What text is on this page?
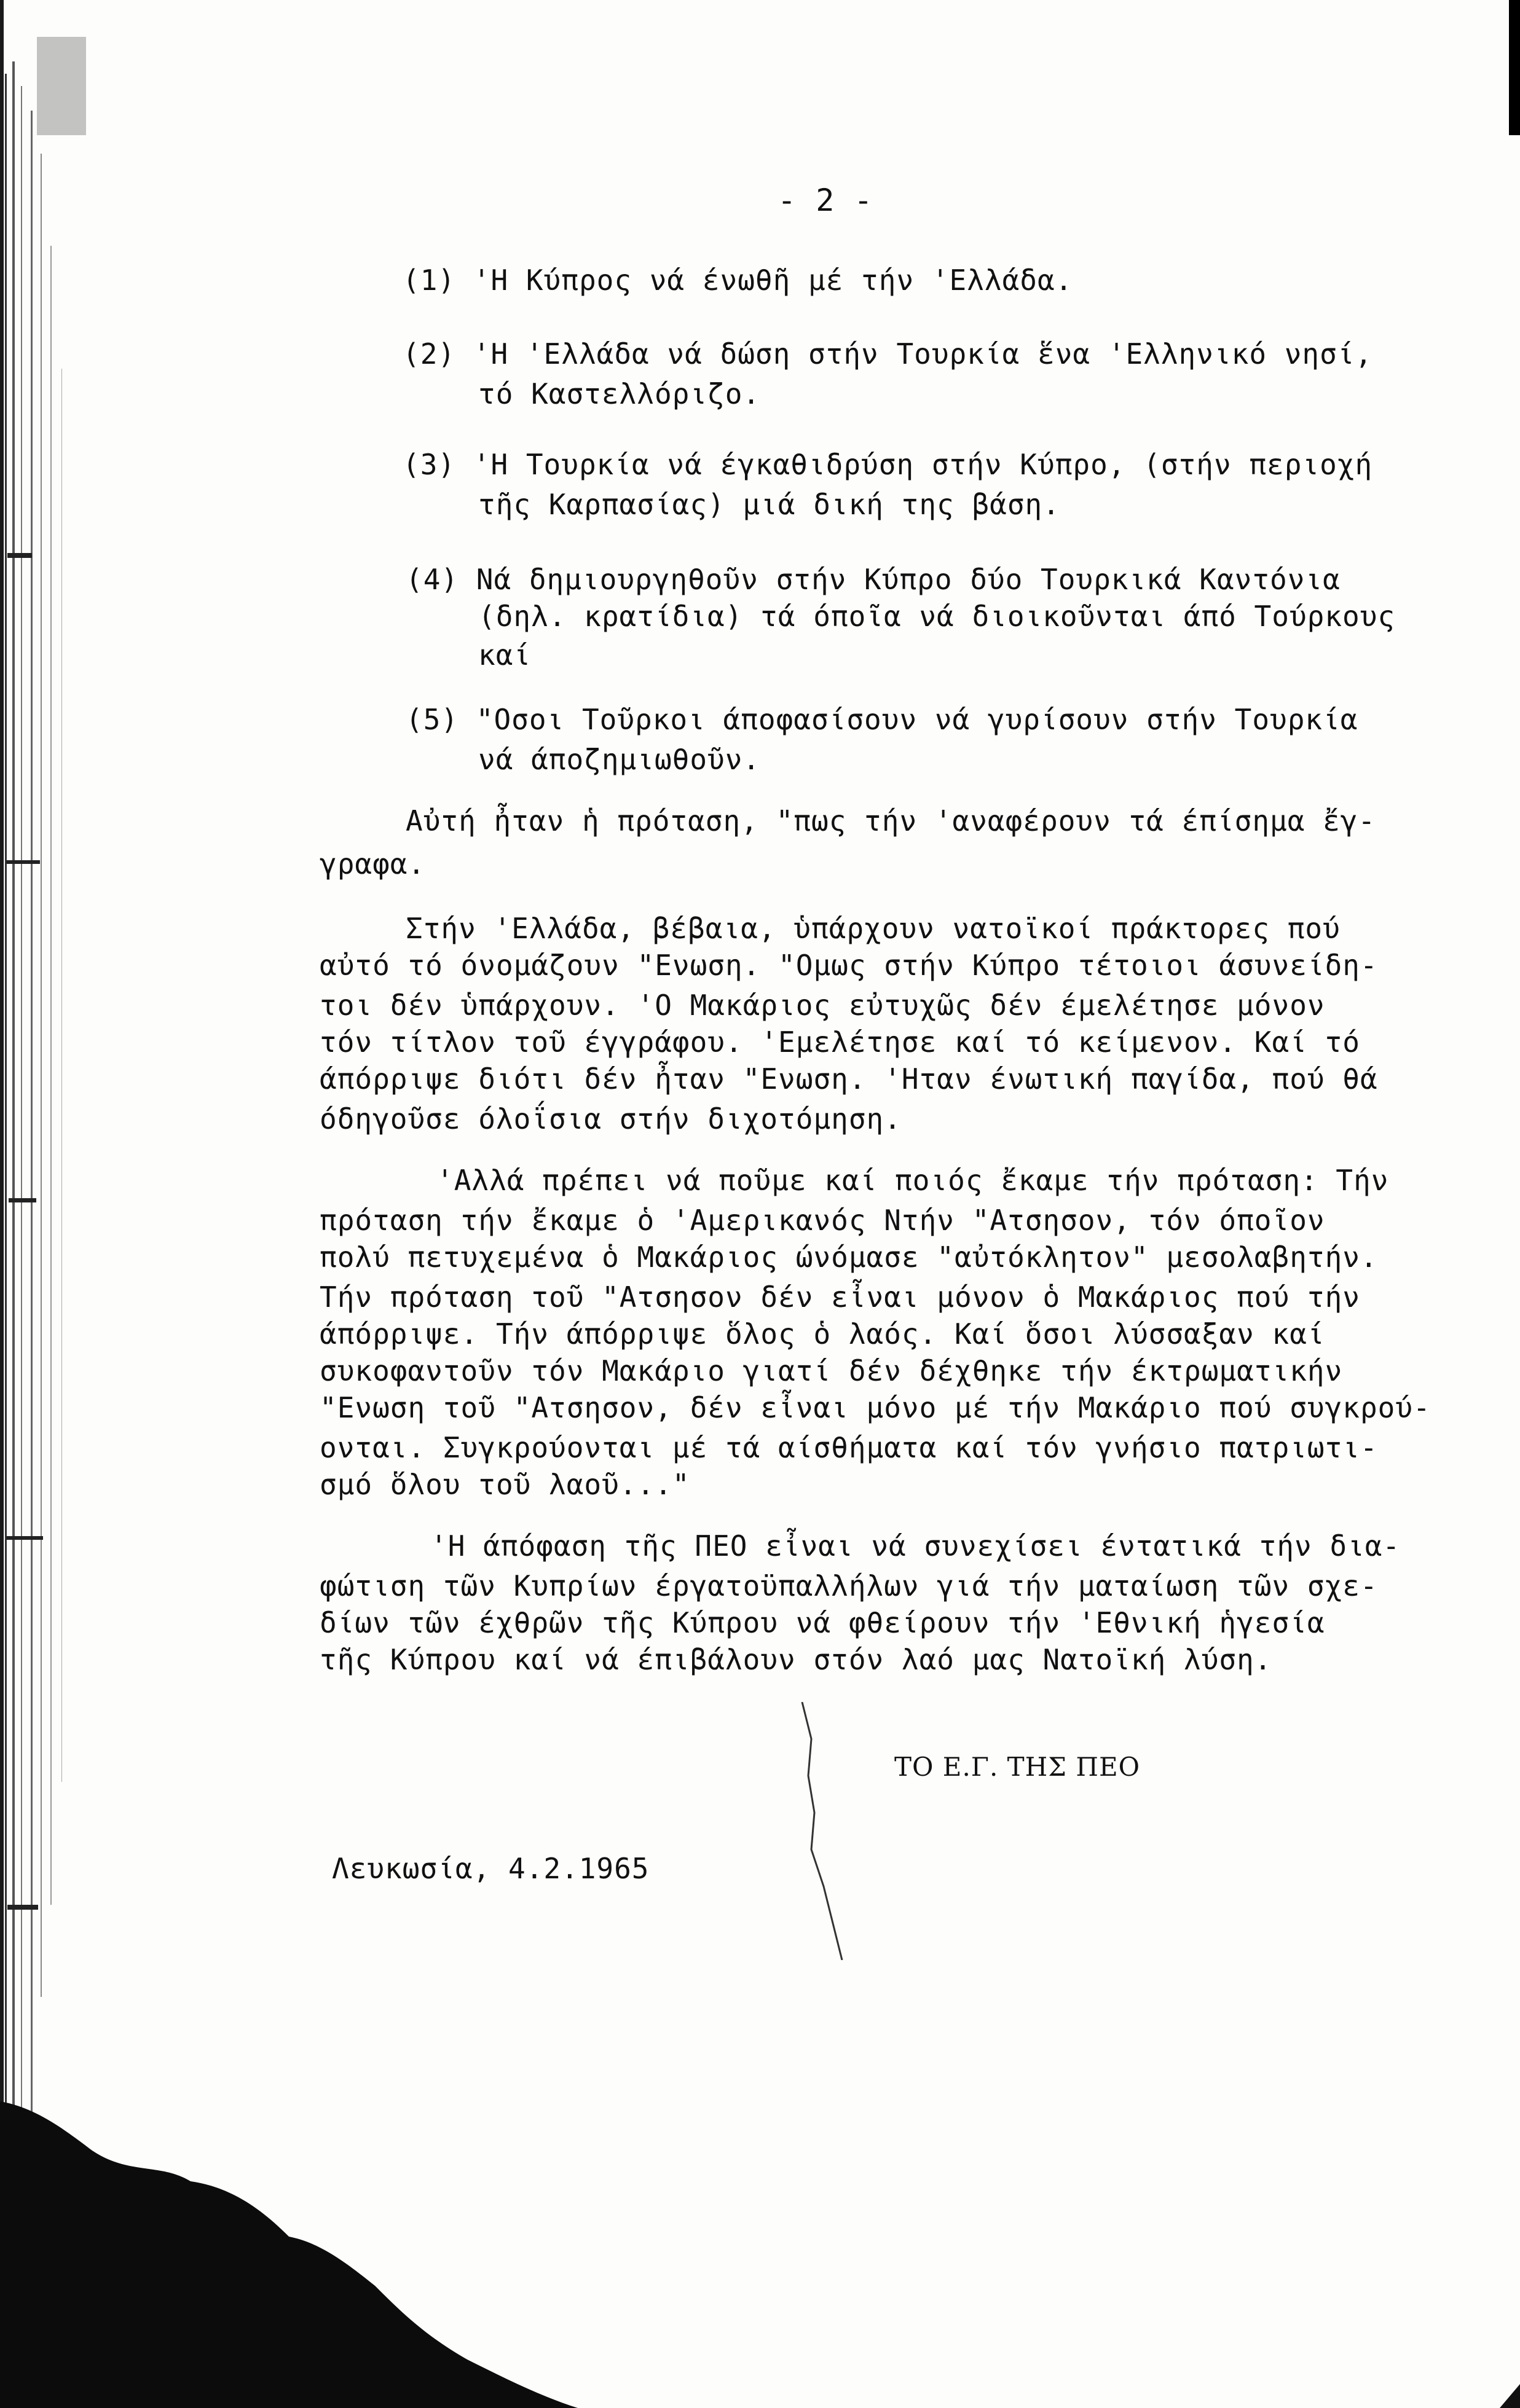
- 2 -
(1) 'Η Κύπρος νά ένωθῆ μέ τήν 'Ελλάδα.
(2) 'Η 'Ελλάδα νά δώση στήν Τουρκία ἕνα 'Ελληνικό νησί,
τό Καστελλόριζο.
(3) 'Η Τουρκία νά έγκαθιδρύση στήν Κύπρο, (στήν περιοχή
τῆς Καρπασίας) μιά δική της βάση.
(4) Νά δημιουργηθοῦν στήν Κύπρο δύο Τουρκικά Καντόνια
(δηλ. κρατίδια) τά όποῖα νά διοικοῦνται άπό Τούρκους
καί
(5) "Οσοι Τοῦρκοι άποφασίσουν νά γυρίσουν στήν Τουρκία
νά άποζημιωθοῦν.
Αὐτή ἦταν ἡ πρόταση, "πως τήν 'αναφέρουν τά έπίσημα ἔγ-
γραφα.
Στήν 'Ελλάδα, βέβαια, ὑπάρχουν νατοϊκοί πράκτορες πού
αὐτό τό όνομάζουν "Ενωση. "Ομως στήν Κύπρο τέτοιοι άσυνείδη-
τοι δέν ὑπάρχουν. 'Ο Μακάριος εὐτυχῶς δέν έμελέτησε μόνον
τόν τίτλον τοῦ έγγράφου. 'Εμελέτησε καί τό κείμενον. Καί τό
άπόρριψε διότι δέν ἦταν "Ενωση. 'Ηταν ένωτική παγίδα, πού θά
όδηγοῦσε όλοΐσια στήν διχοτόμηση.
'Αλλά πρέπει νά ποῦμε καί ποιός ἔκαμε τήν πρόταση: Τήν
πρόταση τήν ἔκαμε ὁ 'Αμερικανός Ντήν "Ατσησον, τόν όποῖον
πολύ πετυχεμένα ὁ Μακάριος ώνόμασε "αὐτόκλητον" μεσολαβητήν.
Τήν πρόταση τοῦ "Ατσησον δέν εἶναι μόνον ὁ Μακάριος πού τήν
άπόρριψε. Τήν άπόρριψε ὅλος ὁ λαός. Καί ὅσοι λύσσαξαν καί
συκοφαντοῦν τόν Μακάριο γιατί δέν δέχθηκε τήν έκτρωματικήν
"Ενωση τοῦ "Ατσησον, δέν εἶναι μόνο μέ τήν Μακάριο πού συγκρού-
ονται. Συγκρούονται μέ τά αίσθήματα καί τόν γνήσιο πατριωτι-
σμό ὅλου τοῦ λαοῦ..."
'Η άπόφαση τῆς ΠΕΟ εἶναι νά συνεχίσει έντατικά τήν δια-
φώτιση τῶν Κυπρίων έργατοϋπαλλήλων γιά τήν ματαίωση τῶν σχε-
δίων τῶν έχθρῶν τῆς Κύπρου νά φθείρουν τήν 'Εθνική ἡγεσία
τῆς Κύπρου καί νά έπιβάλουν στόν λαό μας Νατοϊκή λύση.
ΤΟ Ε.Γ. ΤΗΣ ΠΕΟ
Λευκωσία, 4.2.1965
